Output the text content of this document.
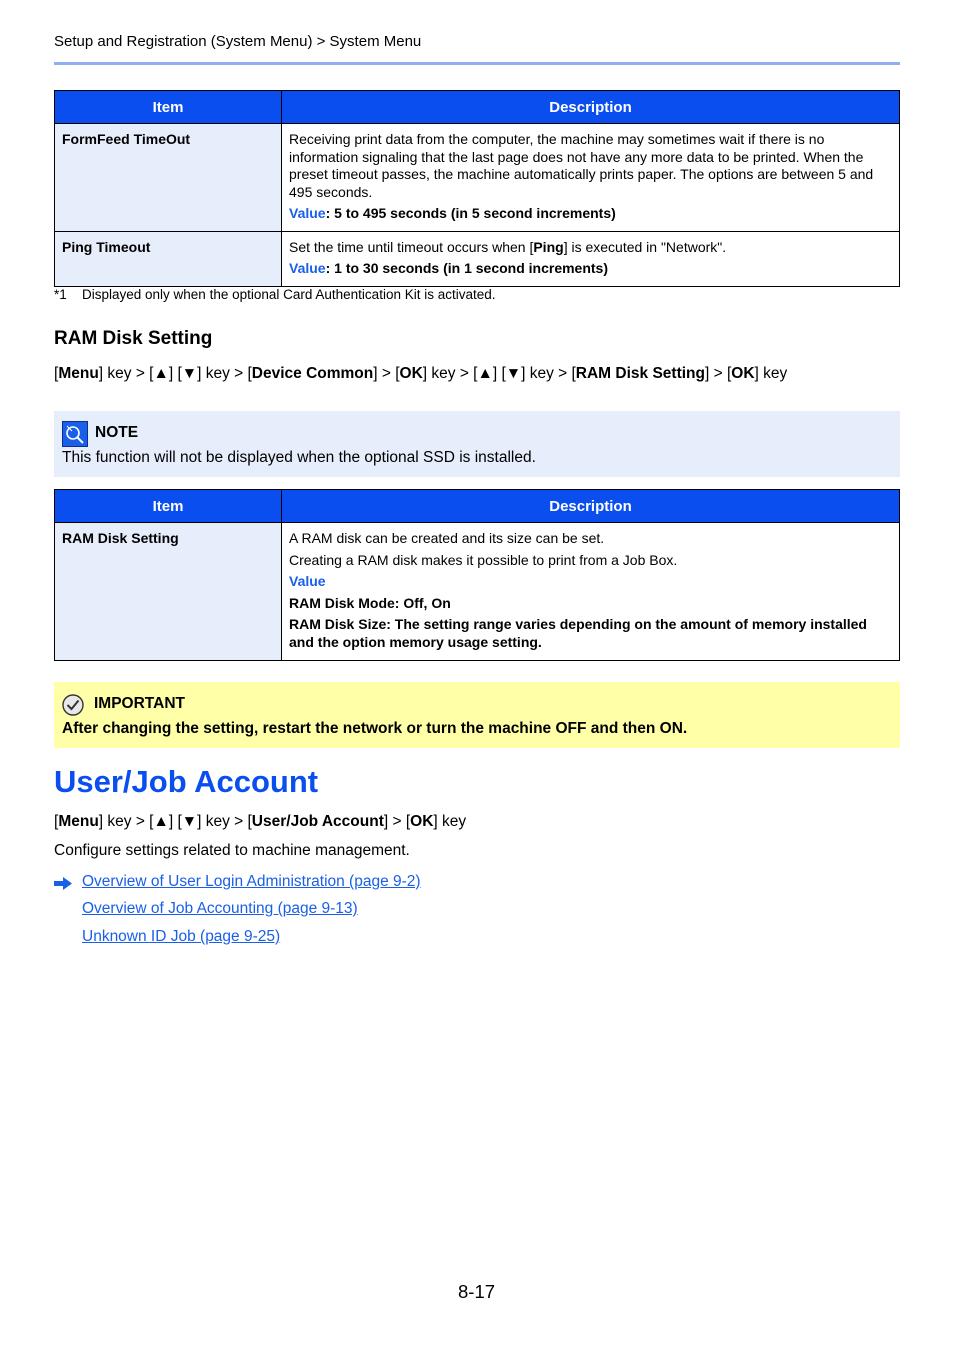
Setup and Registration (System Menu) > System Menu
Item	Description
FormFeed TimeOut	Receiving print data from the computer, the machine may sometimes wait if there is no information signaling that the last page does not have any more data to be printed. When the preset timeout passes, the machine automatically prints paper. The options are between 5 and 495 seconds.
Value: 5 to 495 seconds (in 5 second increments)

Ping Timeout	Set the time until timeout occurs when [Ping] is executed in "Network".
Value: 1 to 30 seconds (in 1 second increments)
*1 Displayed only when the optional Card Authentication Kit is activated.
RAM Disk Setting
[Menu] key > [▲] [▼] key > [Device Common] > [OK] key > [▲] [▼] key > [RAM Disk Setting] > [OK] key
NOTE
This function will not be displayed when the optional SSD is installed.
Item	Description
RAM Disk Setting	A RAM disk can be created and its size can be set.
Creating a RAM disk makes it possible to print from a Job Box.
Value
RAM Disk Mode: Off, On
RAM Disk Size: The setting range varies depending on the amount of memory installed and the option memory usage setting.
IMPORTANT
After changing the setting, restart the network or turn the machine OFF and then ON.
User/Job Account
[Menu] key > [▲] [▼] key > [User/Job Account] > [OK] key
Configure settings related to machine management.
Overview of User Login Administration (page 9-2)
Overview of Job Accounting (page 9-13)
Unknown ID Job (page 9-25)
8-17
